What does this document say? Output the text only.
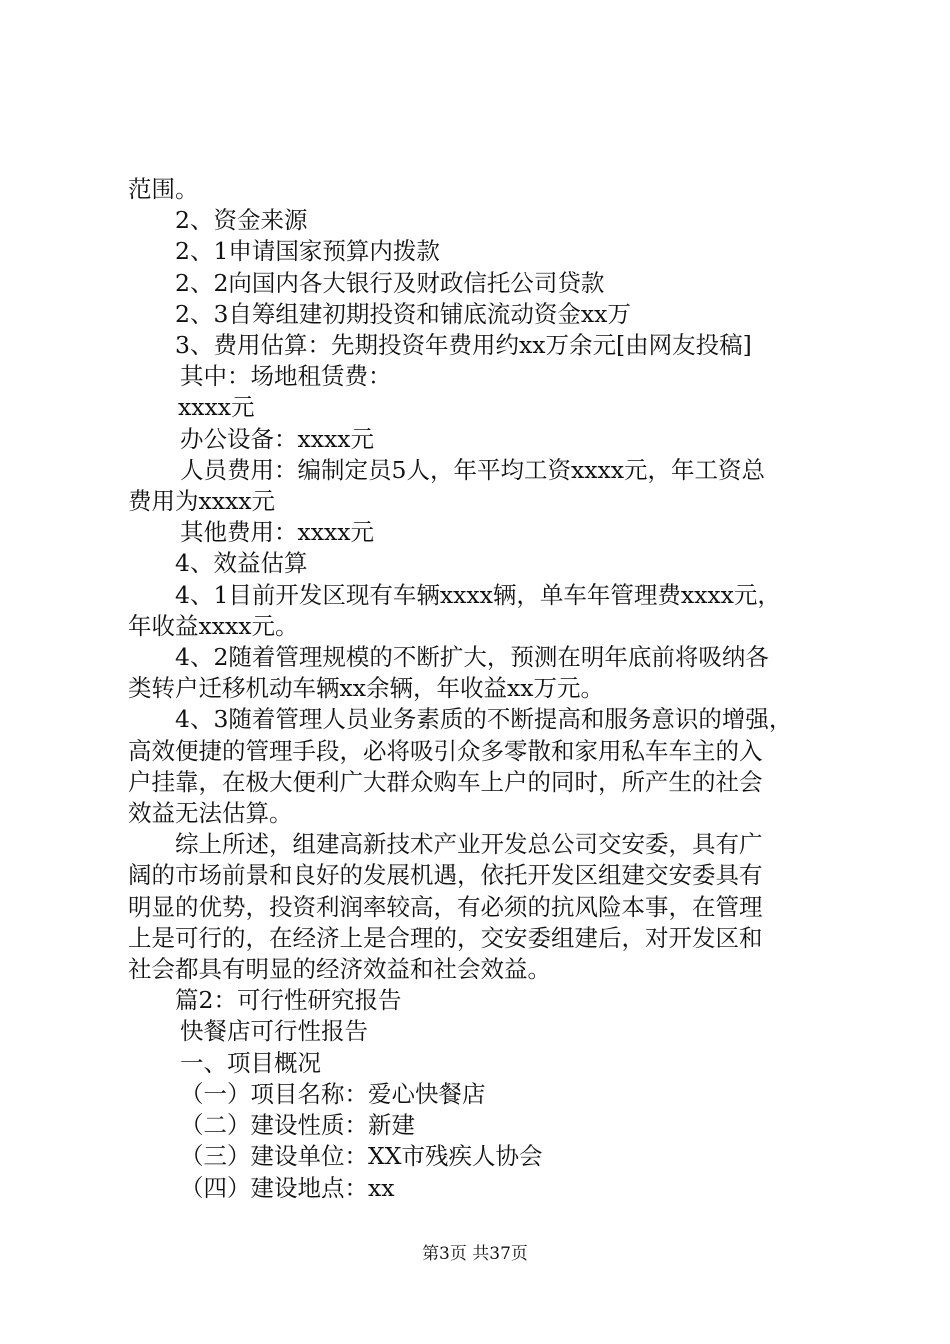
范围。

2、资金来源

2、1申请国家预算内拨款

2、2向国内各大银行及财政信托公司贷款

2、3自筹组建初期投资和铺底流动资金xx万

3、费用估算：先期投资年费用约xx万余元[由网友投稿]

其中：场地租赁费：

xxxx元

办公设备：xxxx元

人员费用：编制定员5人，年平均工资xxxx元，年工资总

费用为xxxx元

其他费用：xxxx元

4、效益估算

4、1目前开发区现有车辆xxxx辆，单车年管理费xxxx元，

年收益xxxx元。

4、2随着管理规模的不断扩大，预测在明年底前将吸纳各

类转户迁移机动车辆xx余辆，年收益xx万元。

4、3随着管理人员业务素质的不断提高和服务意识的增强，

高效便捷的管理手段，必将吸引众多零散和家用私车车主的入

户挂靠，在极大便利广大群众购车上户的同时，所产生的社会

效益无法估算。

综上所述，组建高新技术产业开发总公司交安委，具有广

阔的市场前景和良好的发展机遇，依托开发区组建交安委具有

明显的优势，投资利润率较高，有必须的抗风险本事，在管理

上是可行的，在经济上是合理的，交安委组建后，对开发区和

社会都具有明显的经济效益和社会效益。

篇2：可行性研究报告

快餐店可行性报告

一、项目概况

（一）项目名称：爱心快餐店

（二）建设性质：新建

（三）建设单位：XX市残疾人协会

（四）建设地点：xx

第3页 共37页
